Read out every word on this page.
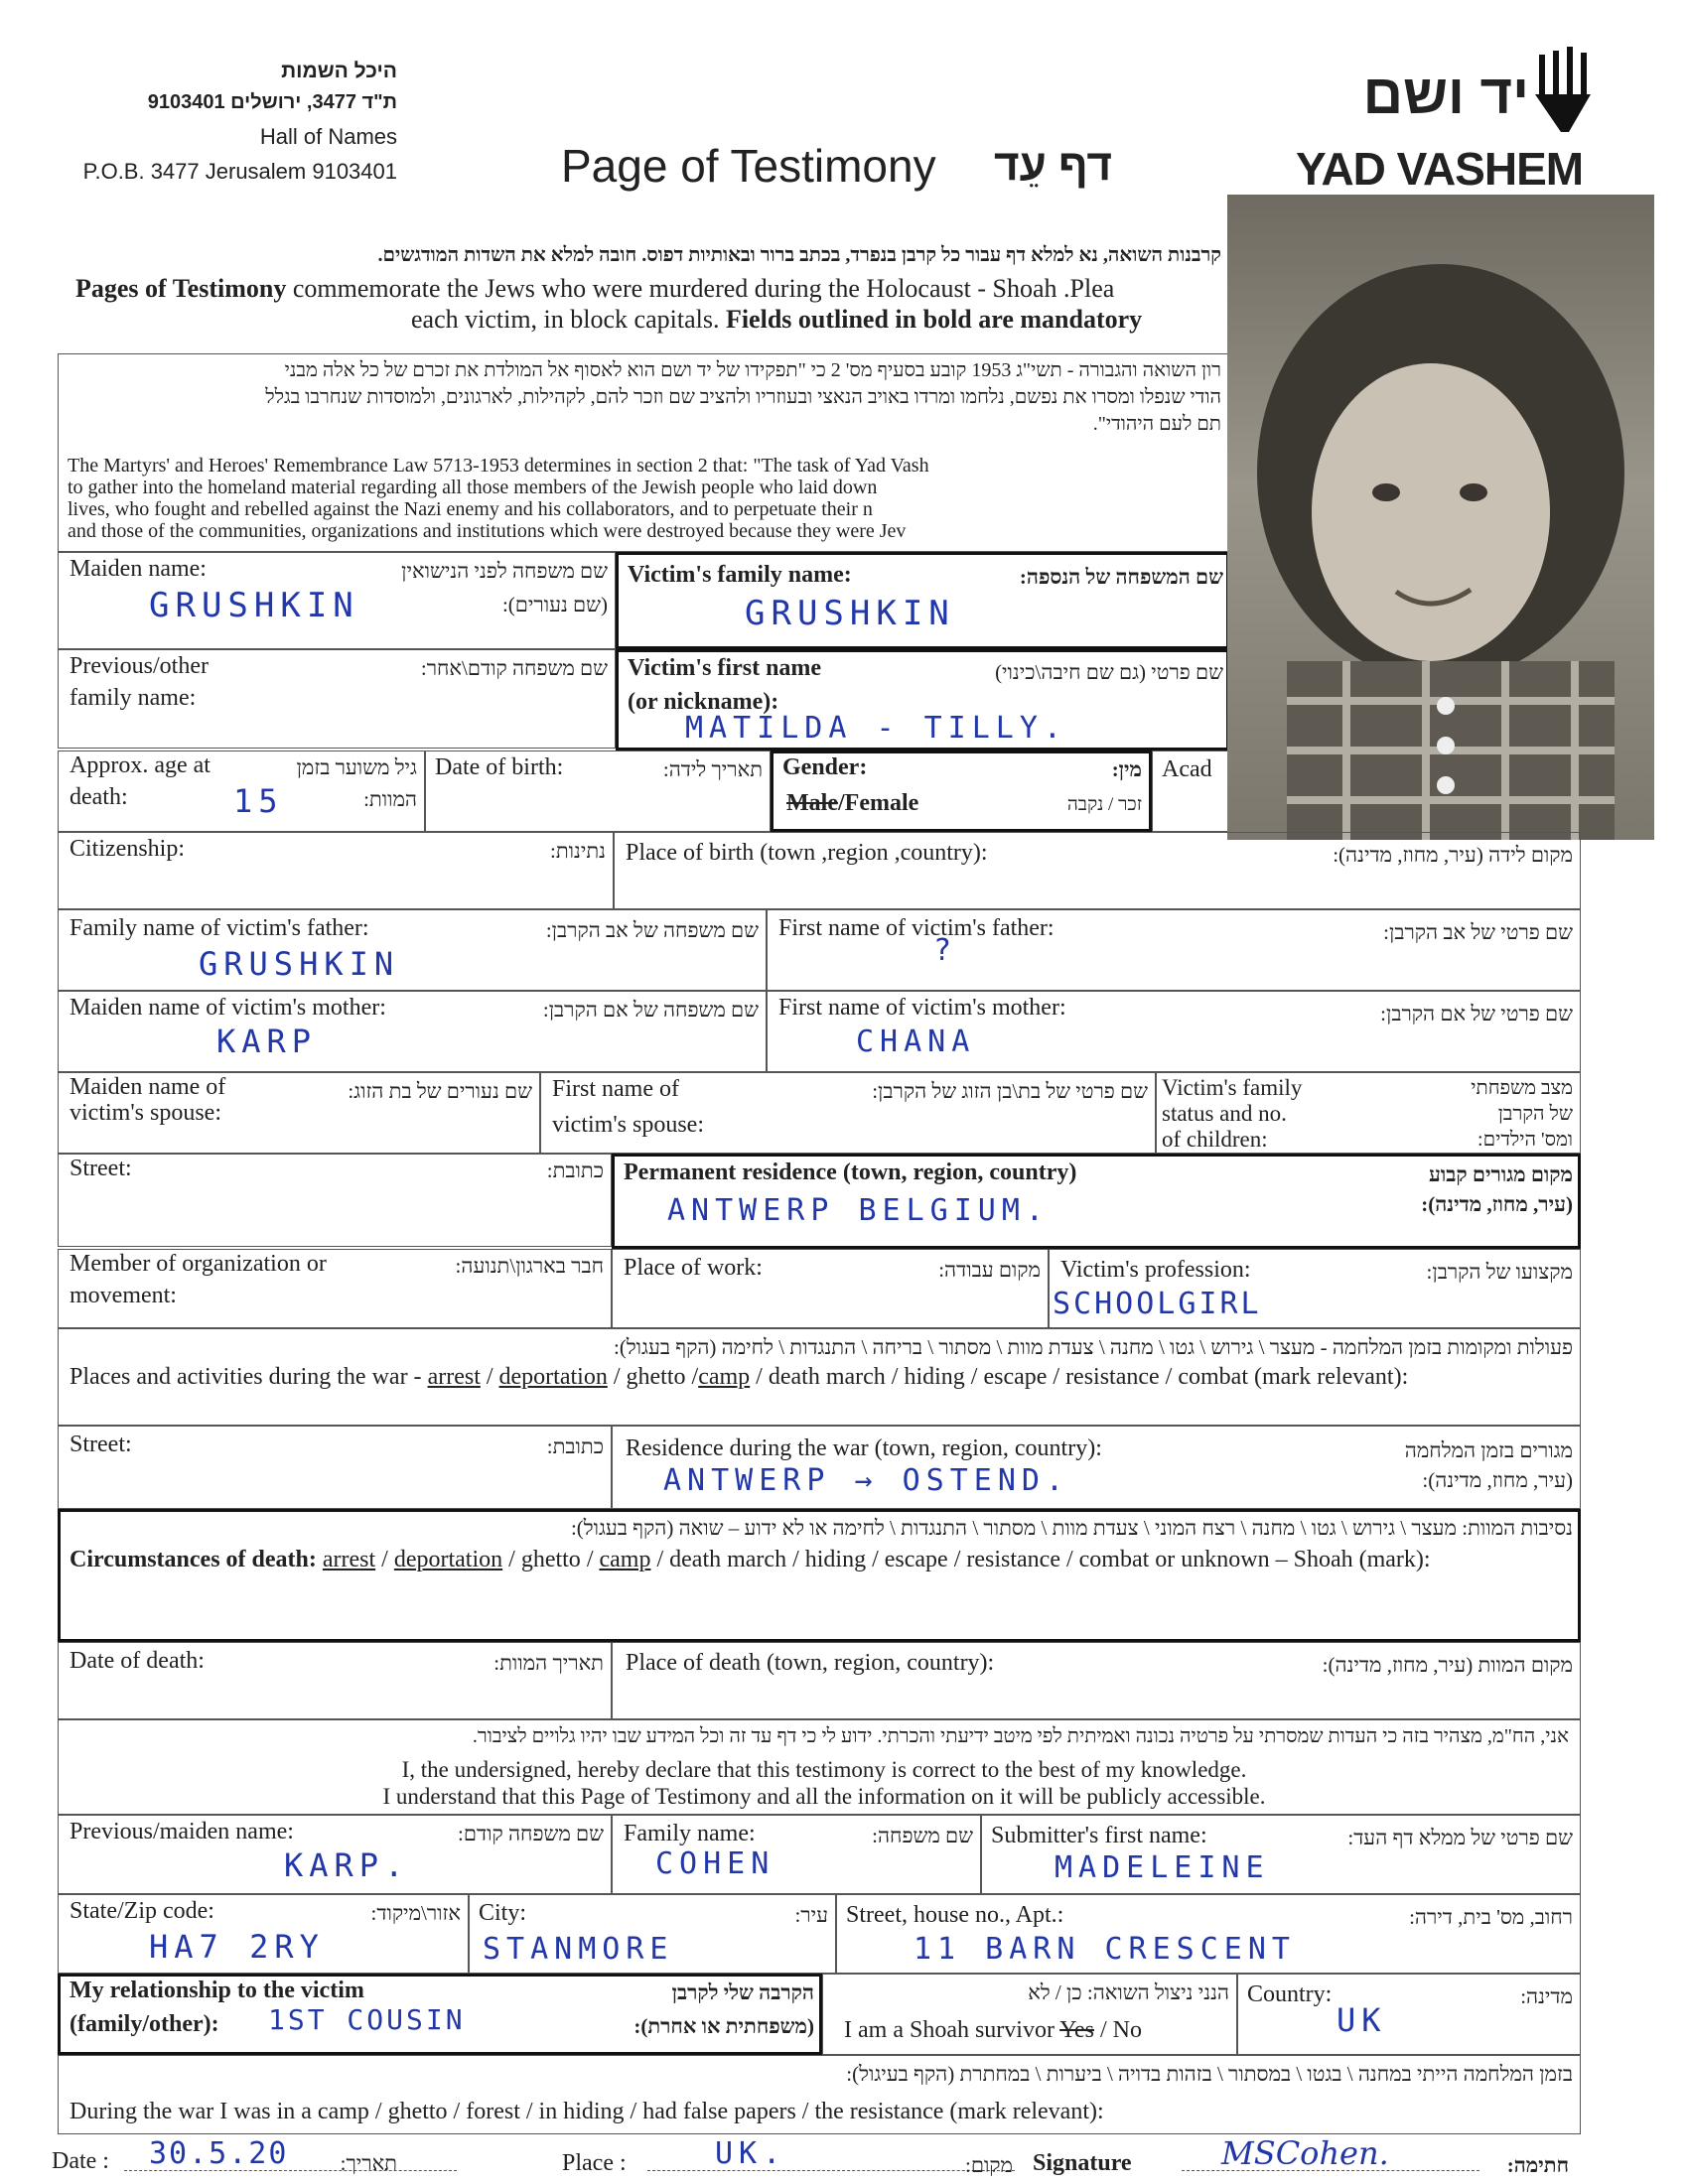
היכל השמות
ת"ד 3477, ירושלים 9103401
Hall of Names
P.O.B. 3477 Jerusalem 9103401	Page of Testimony	דף עֵד
יד ושם
YAD VASHEM
קרבנות השואה, נא למלא דף עבור כל קרבן בנפרד, בכתב ברור ובאותיות דפוס. חובה למלא את השדות המודגשים.
Pages of Testimony commemorate the Jews who were murdered during the Holocaust - Shoah .Plea
each victim, in block capitals. Fields outlined in bold are mandatory
רון השואה והגבורה - תשי"ג 1953 קובע בסעיף מס' 2 כי "תפקידו של יד ושם הוא לאסוף אל המולדת את זכרם של כל אלה מבני
הודי שנפלו ומסרו את נפשם, נלחמו ומרדו באויב הנאצי ובעוזריו ולהציב שם וזכר להם, לקהילות, לארגונים, ולמוסדות שנחרבו בגלל
תם לעם היהודי".
The Martyrs' and Heroes' Remembrance Law 5713-1953 determines in section 2 that: "The task of Yad Vash
to gather into the homeland material regarding all those members of the Jewish people who laid down
lives, who fought and rebelled against the Nazi enemy and his collaborators, and to perpetuate their n
and those of the communities, organizations and institutions which were destroyed because they were Jev
Maiden name:	שם משפחה לפני הנישואין
(שם נעורים):
GRUSHKIN
Victim's family name:	שם המשפחה של הנספה:
GRUSHKIN
Previous/other
family name:
שם משפחה קודם\אחר: Victim's first name
(or nickname):
שם פרטי (גם שם חיבה\כינוי)
MATILDA - TILLY.
Approx. age at
death:
גיל משוער בזמן
המוות:
15
Date of birth:	תאריך לידה: Gender:	מין:
Male/Female	זכר / נקבה
Acad
Citizenship:	נתינות: Place of birth (town ,region ,country):	מקום לידה (עיר, מחוז, מדינה):
Family name of victim's father:	שם משפחה של אב הקרבן:
GRUSHKIN
First name of victim's father:	שם פרטי של אב הקרבן:
?
Maiden name of victim's mother:	שם משפחה של אם הקרבן:
KARP
First name of victim's mother:	שם פרטי של אם הקרבן:
CHANA
Maiden name of
victim's spouse:
שם נעורים של בת הזוג: First name of
victim's spouse:
שם פרטי של בת\בן הזוג של הקרבן: Victim's family
status and no.
of children:
מצב משפחתי
של הקרבן
ומס' הילדים:
Street:	כתובת: Permanent residence (town, region, country)	מקום מגורים קבוע
(עיר, מחוז, מדינה):
ANTWERP BELGIUM.
Member of organization or
movement:
חבר בארגון\תנועה: Place of work:	מקום עבודה: Victim's profession:	מקצועו של הקרבן:
SCHOOLGIRL
פעולות ומקומות בזמן המלחמה - מעצר \ גירוש \ גטו \ מחנה \ צעדת מוות \ מסתור \ בריחה \ התנגדות \ לחימה (הקף בעגול):
Places and activities during the war - arrest / deportation / ghetto /camp / death march / hiding / escape / resistance / combat (mark relevant):
Street:	כתובת: Residence during the war (town, region, country):	מגורים בזמן המלחמה
(עיר, מחוז, מדינה):
ANTWERP → OSTEND.
נסיבות המוות: מעצר \ גירוש \ גטו \ מחנה \ רצח המוני \ צעדת מוות \ מסתור \ התנגדות \ לחימה או לא ידוע – שואה (הקף בעגול):
Circumstances of death: arrest / deportation / ghetto / camp / death march / hiding / escape / resistance / combat or unknown – Shoah (mark):
Date of death:	תאריך המוות: Place of death (town, region, country):	מקום המוות (עיר, מחוז, מדינה):
אני, הח"מ, מצהיר בזה כי העדות שמסרתי על פרטיה נכונה ואמיתית לפי מיטב ידיעתי והכרתי. ידוע לי כי דף עד זה וכל המידע שבו יהיו גלויים לציבור.
I, the undersigned, hereby declare that this testimony is correct to the best of my knowledge.
I understand that this Page of Testimony and all the information on it will be publicly accessible.
Previous/maiden name:	שם משפחה קודם:
KARP.
Family name:	שם משפחה:
COHEN
Submitter's first name:	שם פרטי של ממלא דף העד:
MADELEINE
State/Zip code:	אזור\מיקוד:
HA7 2RY
City:	עיר:
STANMORE
Street, house no., Apt.:	רחוב, מס' בית, דירה:
11 BARN CRESCENT
My relationship to the victim
(family/other):
הקרבה שלי לקרבן
(משפחתית או אחרת):
1ST COUSIN
הנני ניצול השואה: כן / לא
I am a Shoah survivor Yes / No
Country:	מדינה:
UK
בזמן המלחמה הייתי במחנה \ בגטו \ במסתור \ בזהות בדויה \ ביערות \ במחתרת (הקף בעיגול):
During the war I was in a camp / ghetto / forest / in hiding / had false papers / the resistance (mark relevant):
Date : 30.5.20	תאריך:	Place :	UK.	מקום: Signature	MSCohen.	חתימה:
